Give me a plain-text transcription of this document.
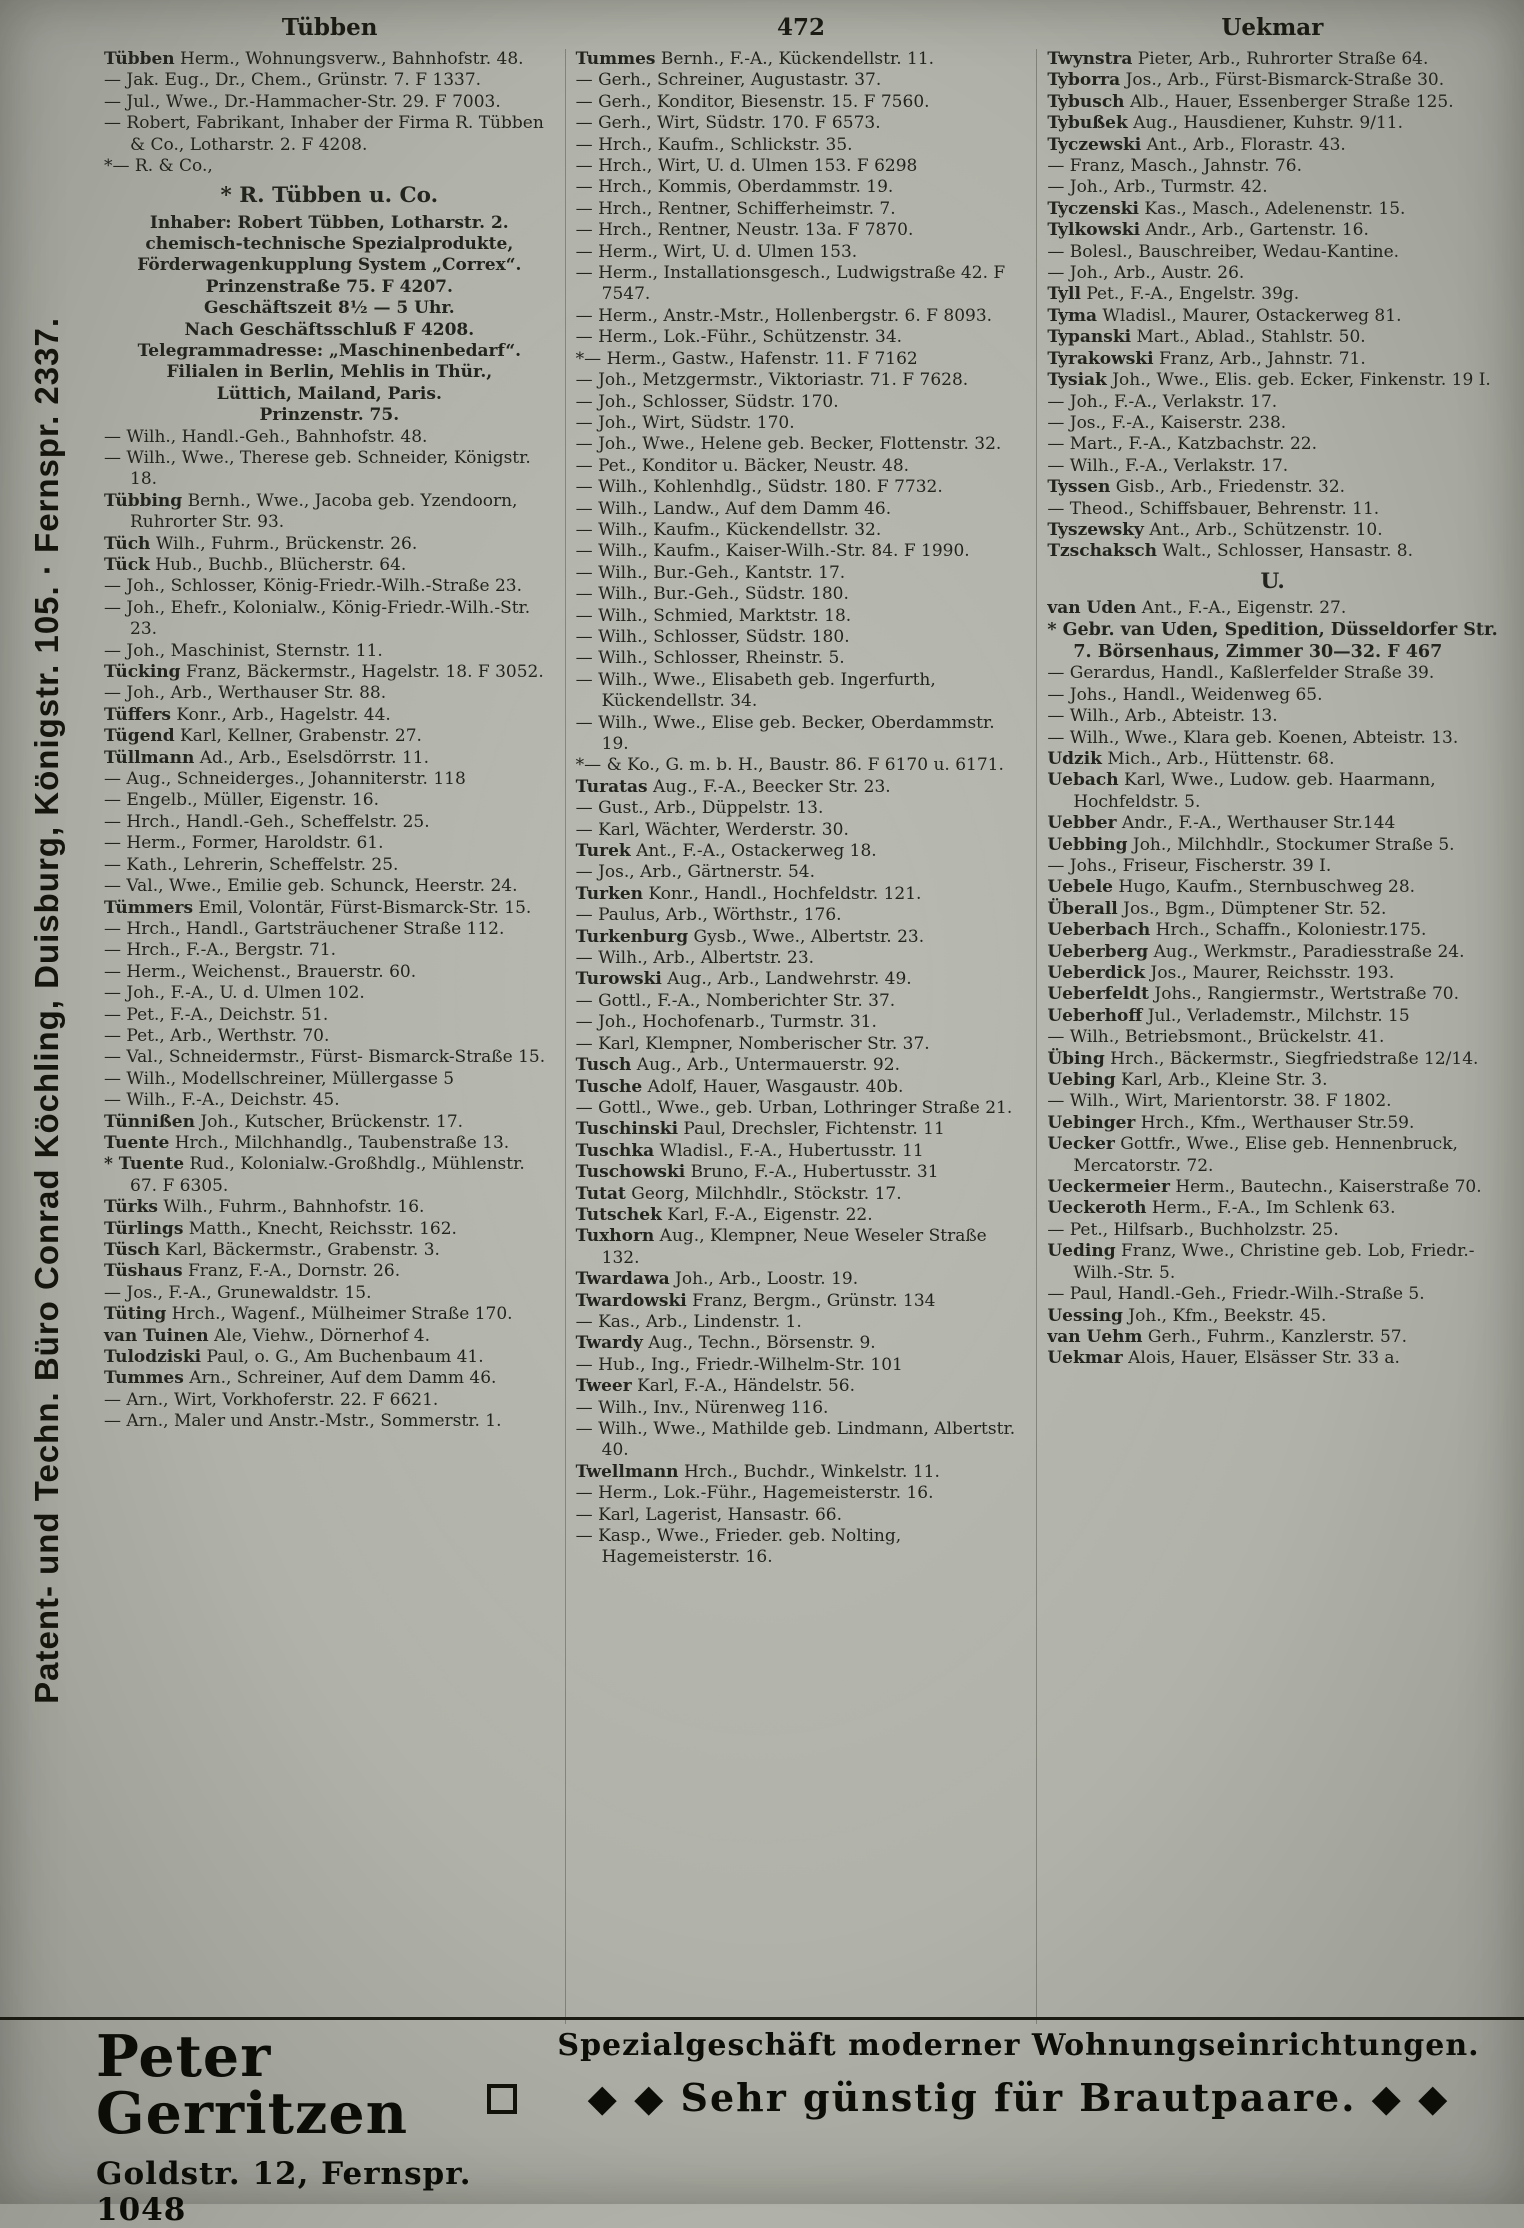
Patent- und Techn. Büro Conrad Köchling, Duisburg, Königstr. 105. · Fernspr. 2337.
Tübben	472	Uekmar
Tübben Herm., Wohnungsverw., Bahnhofstr. 48.
— Jak. Eug., Dr., Chem., Grünstr. 7. F 1337.
— Jul., Wwe., Dr.-Hammacher-Str. 29. F 7003.
— Robert, Fabrikant, Inhaber der Firma R. Tübben & Co., Lotharstr. 2. F 4208.
*— R. & Co.,
* R. Tübben u. Co.
Inhaber: Robert Tübben, Lotharstr. 2.
chemisch-technische Spezialprodukte,
Förderwagenkupplung System „Correx“.
Prinzenstraße 75. F 4207.
Geschäftszeit 8½ — 5 Uhr.
Nach Geschäftsschluß F 4208.
Telegrammadresse: „Maschinenbedarf“.
Filialen in Berlin, Mehlis in Thür.,
Lüttich, Mailand, Paris.
Prinzenstr. 75.
— Wilh., Handl.-Geh., Bahnhofstr. 48.
— Wilh., Wwe., Therese geb. Schneider, Königstr. 18.
Tübbing Bernh., Wwe., Jacoba geb. Yzendoorn, Ruhrorter Str. 93.
Tüch Wilh., Fuhrm., Brückenstr. 26.
Tück Hub., Buchb., Blücherstr. 64.
— Joh., Schlosser, König-Friedr.-Wilh.-Straße 23.
— Joh., Ehefr., Kolonialw., König-Friedr.-Wilh.-Str. 23.
— Joh., Maschinist, Sternstr. 11.
Tücking Franz, Bäckermstr., Hagelstr. 18. F 3052.
— Joh., Arb., Werthauser Str. 88.
Tüffers Konr., Arb., Hagelstr. 44.
Tügend Karl, Kellner, Grabenstr. 27.
Tüllmann Ad., Arb., Eselsdörrstr. 11.
— Aug., Schneiderges., Johanniterstr. 118
— Engelb., Müller, Eigenstr. 16.
— Hrch., Handl.-Geh., Scheffelstr. 25.
— Herm., Former, Haroldstr. 61.
— Kath., Lehrerin, Scheffelstr. 25.
— Val., Wwe., Emilie geb. Schunck, Heerstr. 24.
Tümmers Emil, Volontär, Fürst-Bismarck-Str. 15.
— Hrch., Handl., Gartsträuchener Straße 112.
— Hrch., F.-A., Bergstr. 71.
— Herm., Weichenst., Brauerstr. 60.
— Joh., F.-A., U. d. Ulmen 102.
— Pet., F.-A., Deichstr. 51.
— Pet., Arb., Werthstr. 70.
— Val., Schneidermstr., Fürst- Bismarck-Straße 15.
— Wilh., Modellschreiner, Müllergasse 5
— Wilh., F.-A., Deichstr. 45.
Tünnißen Joh., Kutscher, Brückenstr. 17.
Tuente Hrch., Milchhandlg., Taubenstraße 13.
* Tuente Rud., Kolonialw.-Großhdlg., Mühlenstr. 67. F 6305.
Türks Wilh., Fuhrm., Bahnhofstr. 16.
Türlings Matth., Knecht, Reichsstr. 162.
Tüsch Karl, Bäckermstr., Grabenstr. 3.
Tüshaus Franz, F.-A., Dornstr. 26.
— Jos., F.-A., Grunewaldstr. 15.
Tüting Hrch., Wagenf., Mülheimer Straße 170.
van Tuinen Ale, Viehw., Dörnerhof 4.
Tulodziski Paul, o. G., Am Buchenbaum 41.
Tummes Arn., Schreiner, Auf dem Damm 46.
— Arn., Wirt, Vorkhoferstr. 22. F 6621.
— Arn., Maler und Anstr.-Mstr., Sommerstr. 1.
Tummes Bernh., F.-A., Kückendellstr. 11.
— Gerh., Schreiner, Augustastr. 37.
— Gerh., Konditor, Biesenstr. 15. F 7560.
— Gerh., Wirt, Südstr. 170. F 6573.
— Hrch., Kaufm., Schlickstr. 35.
— Hrch., Wirt, U. d. Ulmen 153. F 6298
— Hrch., Kommis, Oberdammstr. 19.
— Hrch., Rentner, Schifferheimstr. 7.
— Hrch., Rentner, Neustr. 13a. F 7870.
— Herm., Wirt, U. d. Ulmen 153.
— Herm., Installationsgesch., Ludwigstraße 42. F 7547.
— Herm., Anstr.-Mstr., Hollenbergstr. 6. F 8093.
— Herm., Lok.-Führ., Schützenstr. 34.
*— Herm., Gastw., Hafenstr. 11. F 7162
— Joh., Metzgermstr., Viktoriastr. 71. F 7628.
— Joh., Schlosser, Südstr. 170.
— Joh., Wirt, Südstr. 170.
— Joh., Wwe., Helene geb. Becker, Flottenstr. 32.
— Pet., Konditor u. Bäcker, Neustr. 48.
— Wilh., Kohlenhdlg., Südstr. 180. F 7732.
— Wilh., Landw., Auf dem Damm 46.
— Wilh., Kaufm., Kückendellstr. 32.
— Wilh., Kaufm., Kaiser-Wilh.-Str. 84. F 1990.
— Wilh., Bur.-Geh., Kantstr. 17.
— Wilh., Bur.-Geh., Südstr. 180.
— Wilh., Schmied, Marktstr. 18.
— Wilh., Schlosser, Südstr. 180.
— Wilh., Schlosser, Rheinstr. 5.
— Wilh., Wwe., Elisabeth geb. Ingerfurth, Kückendellstr. 34.
— Wilh., Wwe., Elise geb. Becker, Oberdammstr. 19.
*— & Ko., G. m. b. H., Baustr. 86. F 6170 u. 6171.
Turatas Aug., F.-A., Beecker Str. 23.
— Gust., Arb., Düppelstr. 13.
— Karl, Wächter, Werderstr. 30.
Turek Ant., F.-A., Ostackerweg 18.
— Jos., Arb., Gärtnerstr. 54.
Turken Konr., Handl., Hochfeldstr. 121.
— Paulus, Arb., Wörthstr., 176.
Turkenburg Gysb., Wwe., Albertstr. 23.
— Wilh., Arb., Albertstr. 23.
Turowski Aug., Arb., Landwehrstr. 49.
— Gottl., F.-A., Nomberichter Str. 37.
— Joh., Hochofenarb., Turmstr. 31.
— Karl, Klempner, Nomberischer Str. 37.
Tusch Aug., Arb., Untermauerstr. 92.
Tusche Adolf, Hauer, Wasgaustr. 40b.
— Gottl., Wwe., geb. Urban, Lothringer Straße 21.
Tuschinski Paul, Drechsler, Fichtenstr. 11
Tuschka Wladisl., F.-A., Hubertusstr. 11
Tuschowski Bruno, F.-A., Hubertusstr. 31
Tutat Georg, Milchhdlr., Stöckstr. 17.
Tutschek Karl, F.-A., Eigenstr. 22.
Tuxhorn Aug., Klempner, Neue Weseler Straße 132.
Twardawa Joh., Arb., Loostr. 19.
Twardowski Franz, Bergm., Grünstr. 134
— Kas., Arb., Lindenstr. 1.
Twardy Aug., Techn., Börsenstr. 9.
— Hub., Ing., Friedr.-Wilhelm-Str. 101
Tweer Karl, F.-A., Händelstr. 56.
— Wilh., Inv., Nürenweg 116.
— Wilh., Wwe., Mathilde geb. Lindmann, Albertstr. 40.
Twellmann Hrch., Buchdr., Winkelstr. 11.
— Herm., Lok.-Führ., Hagemeisterstr. 16.
— Karl, Lagerist, Hansastr. 66.
— Kasp., Wwe., Frieder. geb. Nolting, Hagemeisterstr. 16.
Twynstra Pieter, Arb., Ruhrorter Straße 64.
Tyborra Jos., Arb., Fürst-Bismarck-Straße 30.
Tybusch Alb., Hauer, Essenberger Straße 125.
Tybußek Aug., Hausdiener, Kuhstr. 9/11.
Tyczewski Ant., Arb., Florastr. 43.
— Franz, Masch., Jahnstr. 76.
— Joh., Arb., Turmstr. 42.
Tyczenski Kas., Masch., Adelenenstr. 15.
Tylkowski Andr., Arb., Gartenstr. 16.
— Bolesl., Bauschreiber, Wedau-Kantine.
— Joh., Arb., Austr. 26.
Tyll Pet., F.-A., Engelstr. 39g.
Tyma Wladisl., Maurer, Ostackerweg 81.
Typanski Mart., Ablad., Stahlstr. 50.
Tyrakowski Franz, Arb., Jahnstr. 71.
Tysiak Joh., Wwe., Elis. geb. Ecker, Finkenstr. 19 I.
— Joh., F.-A., Verlakstr. 17.
— Jos., F.-A., Kaiserstr. 238.
— Mart., F.-A., Katzbachstr. 22.
— Wilh., F.-A., Verlakstr. 17.
Tyssen Gisb., Arb., Friedenstr. 32.
— Theod., Schiffsbauer, Behrenstr. 11.
Tyszewsky Ant., Arb., Schützenstr. 10.
Tzschaksch Walt., Schlosser, Hansastr. 8.
U.
van Uden Ant., F.-A., Eigenstr. 27.
* Gebr. van Uden, Spedition, Düsseldorfer Str. 7. Börsenhaus, Zimmer 30—32. F 467
— Gerardus, Handl., Kaßlerfelder Straße 39.
— Johs., Handl., Weidenweg 65.
— Wilh., Arb., Abteistr. 13.
— Wilh., Wwe., Klara geb. Koenen, Abteistr. 13.
Udzik Mich., Arb., Hüttenstr. 68.
Uebach Karl, Wwe., Ludow. geb. Haarmann, Hochfeldstr. 5.
Uebber Andr., F.-A., Werthauser Str.144
Uebbing Joh., Milchhdlr., Stockumer Straße 5.
— Johs., Friseur, Fischerstr. 39 I.
Uebele Hugo, Kaufm., Sternbuschweg 28.
Überall Jos., Bgm., Dümptener Str. 52.
Ueberbach Hrch., Schaffn., Koloniestr.175.
Ueberberg Aug., Werkmstr., Paradiesstraße 24.
Ueberdick Jos., Maurer, Reichsstr. 193.
Ueberfeldt Johs., Rangiermstr., Wertstraße 70.
Ueberhoff Jul., Verlademstr., Milchstr. 15
— Wilh., Betriebsmont., Brückelstr. 41.
Übing Hrch., Bäckermstr., Siegfriedstraße 12/14.
Uebing Karl, Arb., Kleine Str. 3.
— Wilh., Wirt, Marientorstr. 38. F 1802.
Uebinger Hrch., Kfm., Werthauser Str.59.
Uecker Gottfr., Wwe., Elise geb. Hennenbruck, Mercatorstr. 72.
Ueckermeier Herm., Bautechn., Kaiserstraße 70.
Ueckeroth Herm., F.-A., Im Schlenk 63.
— Pet., Hilfsarb., Buchholzstr. 25.
Ueding Franz, Wwe., Christine geb. Lob, Friedr.-Wilh.-Str. 5.
— Paul, Handl.-Geh., Friedr.-Wilh.-Straße 5.
Uessing Joh., Kfm., Beekstr. 45.
van Uehm Gerh., Fuhrm., Kanzlerstr. 57.
Uekmar Alois, Hauer, Elsässer Str. 33 a.
Peter Gerritzen
Goldstr. 12, Fernspr. 1048
Spezialgeschäft moderner Wohnungseinrichtungen.
◆ ◆ Sehr günstig für Brautpaare. ◆ ◆
